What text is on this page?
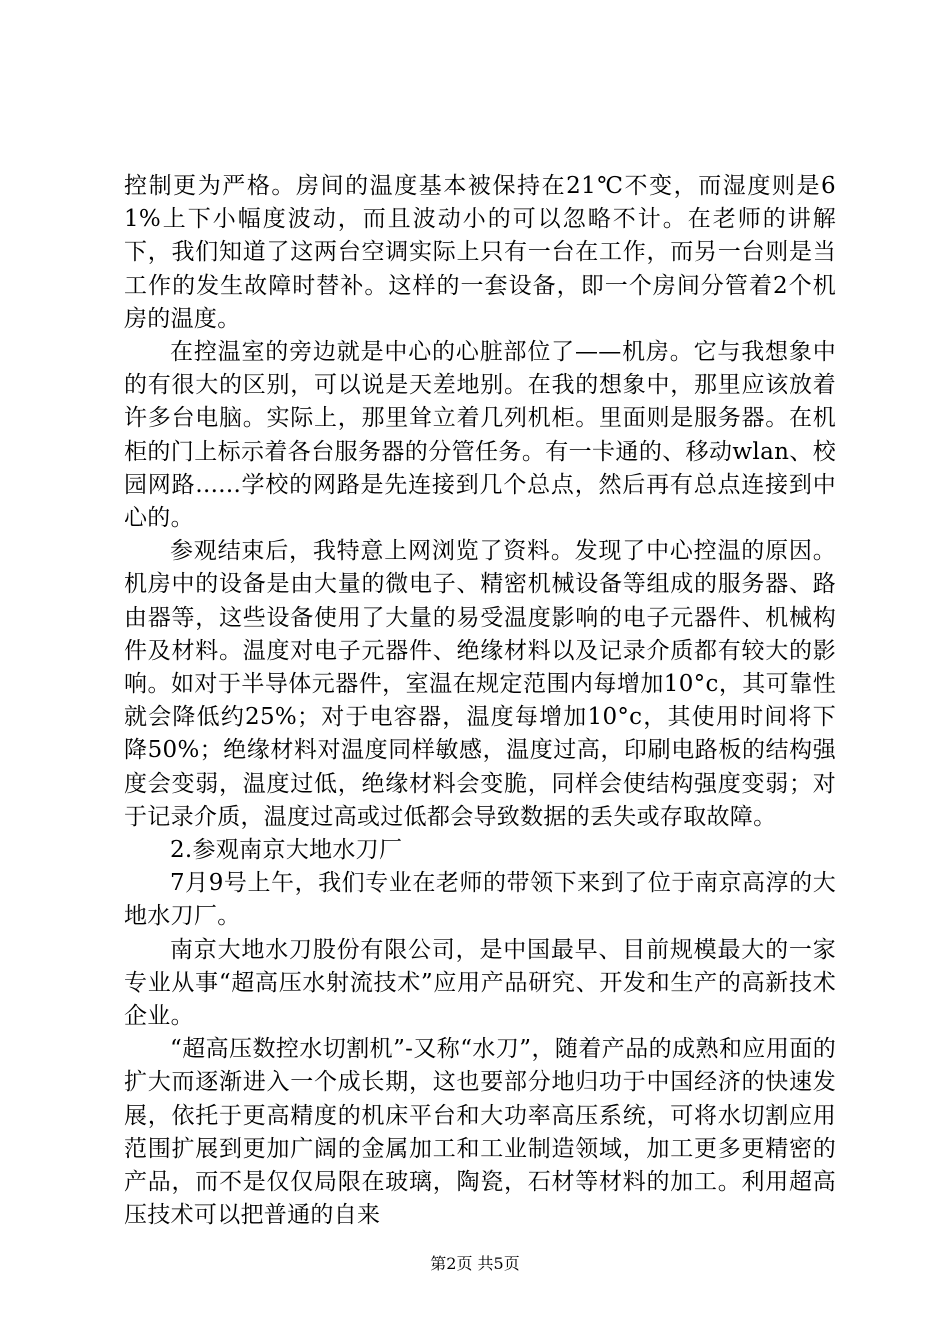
控制更为严格。房间的温度基本被保持在21℃不变，而湿度则是61%上下小幅度波动，而且波动小的可以忽略不计。在老师的讲解下，我们知道了这两台空调实际上只有一台在工作，而另一台则是当工作的发生故障时替补。这样的一套设备，即一个房间分管着2个机房的温度。

在控温室的旁边就是中心的心脏部位了——机房。它与我想象中的有很大的区别，可以说是天差地别。在我的想象中，那里应该放着许多台电脑。实际上，那里耸立着几列机柜。里面则是服务器。在机柜的门上标示着各台服务器的分管任务。有一卡通的、移动wlan、校园网路......学校的网路是先连接到几个总点，然后再有总点连接到中心的。

参观结束后，我特意上网浏览了资料。发现了中心控温的原因。机房中的设备是由大量的微电子、精密机械设备等组成的服务器、路由器等，这些设备使用了大量的易受温度影响的电子元器件、机械构件及材料。温度对电子元器件、绝缘材料以及记录介质都有较大的影响。如对于半导体元器件，室温在规定范围内每增加10°c，其可靠性就会降低约25%；对于电容器，温度每增加10°c，其使用时间将下降50%；绝缘材料对温度同样敏感，温度过高，印刷电路板的结构强度会变弱，温度过低，绝缘材料会变脆，同样会使结构强度变弱；对于记录介质，温度过高或过低都会导致数据的丢失或存取故障。

2.参观南京大地水刀厂

7月9号上午，我们专业在老师的带领下来到了位于南京高淳的大地水刀厂。

南京大地水刀股份有限公司，是中国最早、目前规模最大的一家专业从事“超高压水射流技术”应用产品研究、开发和生产的高新技术企业。

“超高压数控水切割机”-又称“水刀”，随着产品的成熟和应用面的扩大而逐渐进入一个成长期，这也要部分地归功于中国经济的快速发展，依托于更高精度的机床平台和大功率高压系统，可将水切割应用范围扩展到更加广阔的金属加工和工业制造领域，加工更多更精密的产品，而不是仅仅局限在玻璃，陶瓷，石材等材料的加工。利用超高压技术可以把普通的自来

第2页 共5页
